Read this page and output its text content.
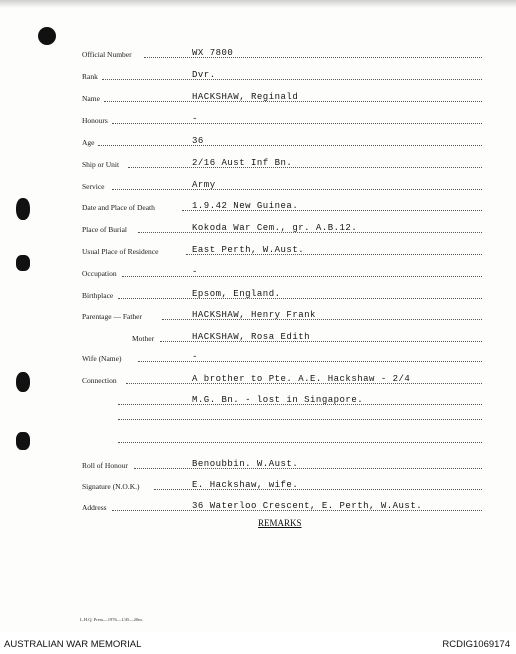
Official Number	WX 7800
Rank	Dvr.
Name	HACKSHAW, Reginald
Honours	-
Age	36
Ship or Unit	2/16 Aust Inf Bn.
Service	Army
Date and Place of Death	1.9.42 New Guinea.
Place of Burial	Kokoda War Cem., gr. A.B.12.
Usual Place of Residence	East Perth, W.Aust.
Occupation	-
Birthplace	Epsom, England.
Parentage — Father	HACKSHAW, Henry Frank
Mother	HACKSHAW, Rosa Edith
Wife (Name)	-
Connection	A brother to Pte. A.E. Hackshaw - 2/4
M.G. Bn. - lost in Singapore.
Roll of Honour	Benoubbin. W.Aust.
Signature (N.O.K.)	E. Hackshaw, wife.
Address	36 Waterloo Crescent, E. Perth, W.Aust.
REMARKS
L.H.Q. Press—1976—1/45—20m.
AUSTRALIAN WAR MEMORIAL	RCDIG1069174
